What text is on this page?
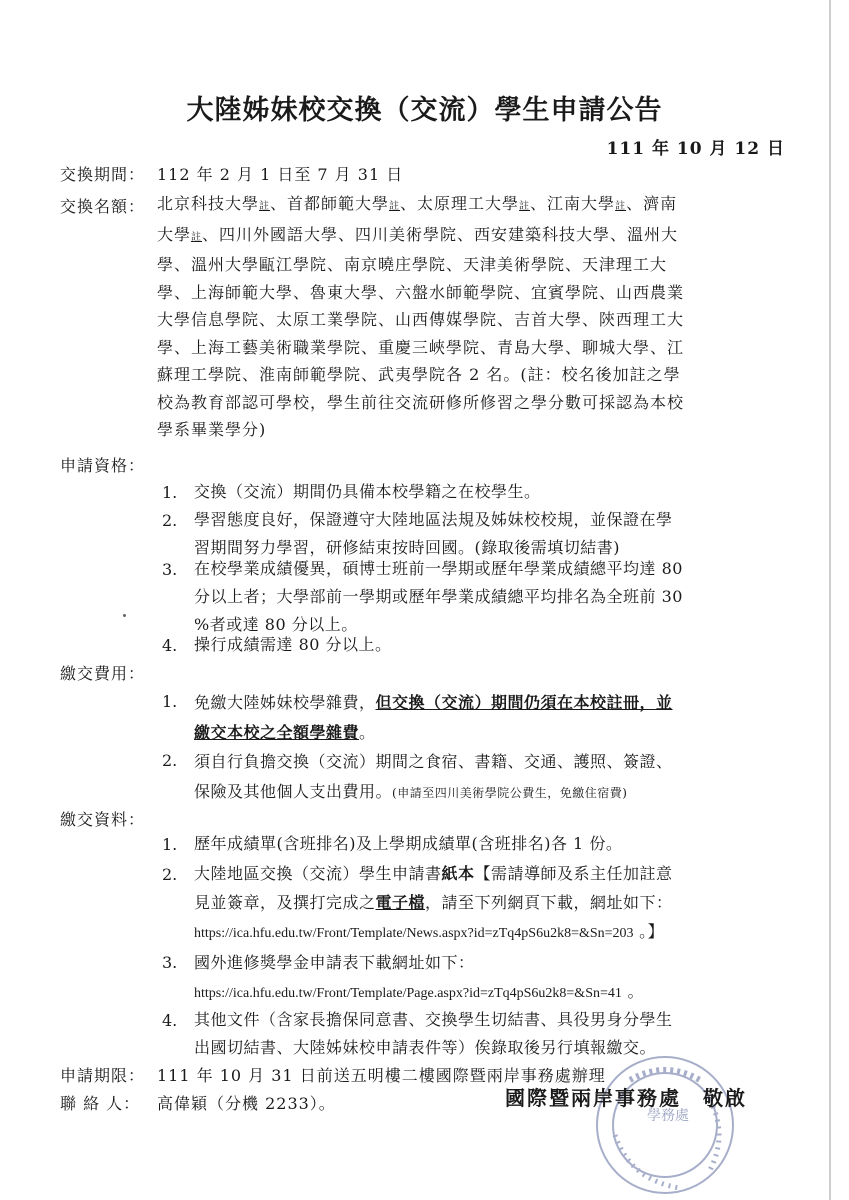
大陸姊妹校交換（交流）學生申請公告
111 年 10 月 12 日
交換期間： 112 年 2 月 1 日至 7 月 31 日
交換名額： 北京科技大學註、首都師範大學註、太原理工大學註、江南大學註、濟南
大學註、四川外國語大學、四川美術學院、西安建築科技大學、溫州大
學、溫州大學甌江學院、南京曉庄學院、天津美術學院、天津理工大
學、上海師範大學、魯東大學、六盤水師範學院、宜賓學院、山西農業
大學信息學院、太原工業學院、山西傳媒學院、吉首大學、陝西理工大
學、上海工藝美術職業學院、重慶三峽學院、青島大學、聊城大學、江
蘇理工學院、淮南師範學院、武夷學院各 2 名。(註：校名後加註之學
校為教育部認可學校，學生前往交流研修所修習之學分數可採認為本校
學系畢業學分)
申請資格：
1. 交換（交流）期間仍具備本校學籍之在校學生。
2. 學習態度良好，保證遵守大陸地區法規及姊妹校校規，並保證在學
習期間努力學習，研修結束按時回國。(錄取後需填切結書)
3. 在校學業成績優異，碩博士班前一學期或歷年學業成績總平均達 80
分以上者；大學部前一學期或歷年學業成績總平均排名為全班前 30
%者或達 80 分以上。
4. 操行成績需達 80 分以上。
繳交費用：
1. 免繳大陸姊妹校學雜費，但交換（交流）期間仍須在本校註冊，並
繳交本校之全額學雜費。
2. 須自行負擔交換（交流）期間之食宿、書籍、交通、護照、簽證、
保險及其他個人支出費用。(申請至四川美術學院公費生，免繳住宿費)
繳交資料：
1. 歷年成績單(含班排名)及上學期成績單(含班排名)各 1 份。
2. 大陸地區交換（交流）學生申請書紙本【需請導師及系主任加註意
見並簽章，及撰打完成之電子檔，請至下列網頁下載，網址如下：
https://ica.hfu.edu.tw/Front/Template/News.aspx?id=zTq4pS6u2k8=&Sn=203 。】
3. 國外進修獎學金申請表下載網址如下：
https://ica.hfu.edu.tw/Front/Template/Page.aspx?id=zTq4pS6u2k8=&Sn=41 。
4. 其他文件（含家長擔保同意書、交換學生切結書、具役男身分學生
出國切結書、大陸姊妹校申請表件等）俟錄取後另行填報繳交。
申請期限： 111 年 10 月 31 日前送五明樓二樓國際暨兩岸事務處辦理
聯 絡 人： 高偉穎（分機 2233）。
學務處
國際暨兩岸事務處　敬啟
